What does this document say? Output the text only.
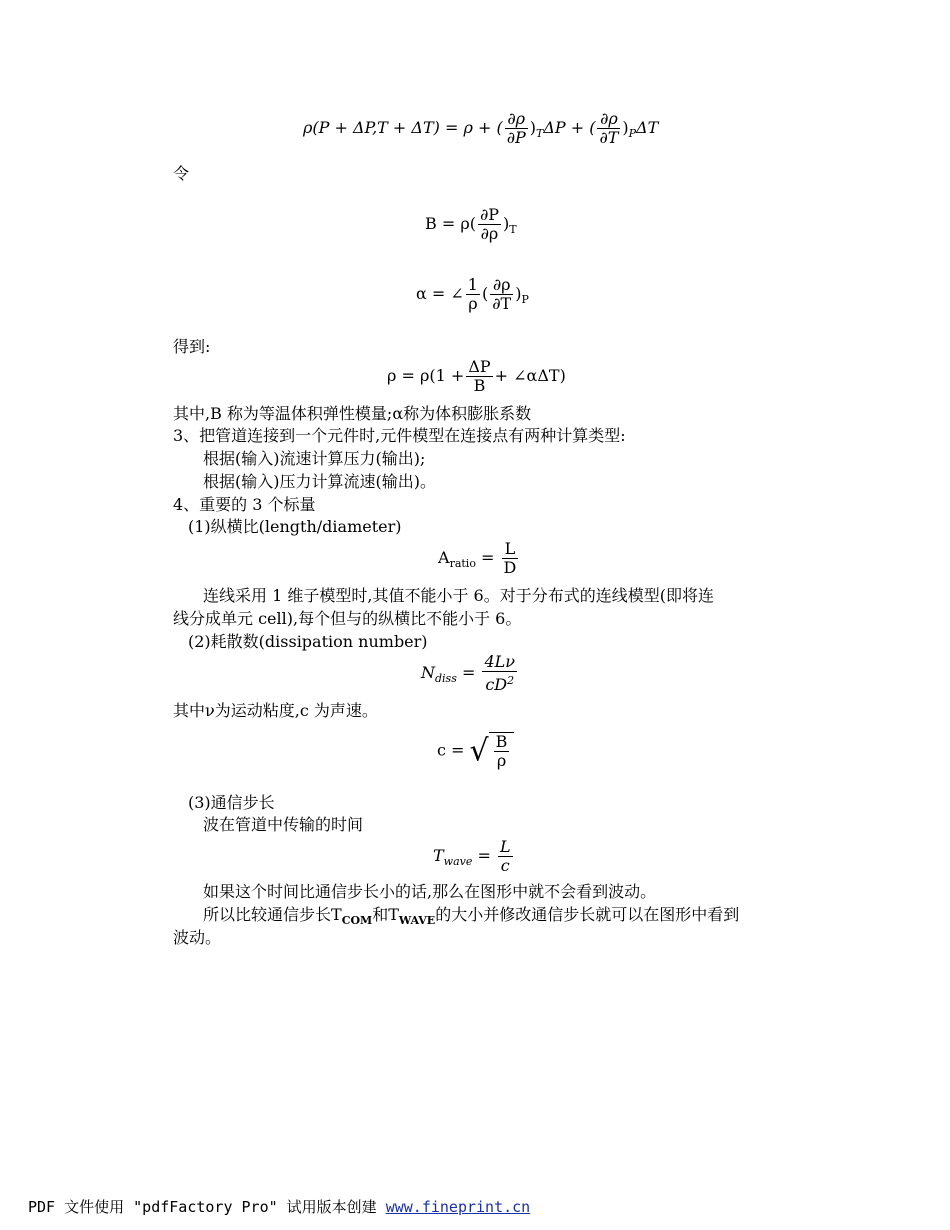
ρ(P + ΔP,T + ΔT) = ρ + ( $\frac{\partial\rho}{\partial P} )_T\Delta P$ + ( $\frac{\partial\rho}{\partial T} )_P\Delta T$
令
$B = \rho( \frac{\partial P}{\partial\rho} )_T$
α = ∠ $\frac{1}{\rho}$ ( $\frac{\partial\rho}{\partial T} )_P$
得到:
$\rho = \rho(1 + \frac{\Delta P}{B}$ + ∠αΔT)
其中,B 称为等温体积弹性模量;α称为体积膨胀系数
3、把管道连接到一个元件时,元件模型在连接点有两种计算类型:
根据(输入)流速计算压力(输出);
根据(输入)压力计算流速(输出)。
4、重要的 3 个标量
(1)纵横比(length/diameter)
$A_{ratio} = \frac{L}{D}$
连线采用 1 维子模型时,其值不能小于 6。对于分布式的连线模型(即将连
线分成单元 cell),每个但与的纵横比不能小于 6。
(2)耗散数(dissipation number)
$N_{diss} = \frac{4L\nu}{cD^2}$
其中ν为运动粘度,c 为声速。
c = √ $\frac{B}{\rho}$
(3)通信步长
波在管道中传输的时间
$T_{wave} = \frac{L}{c}$
如果这个时间比通信步长小的话,那么在图形中就不会看到波动。
所以比较通信步长$T_{COM}$和$T_{WAVE}$的大小并修改通信步长就可以在图形中看到
波动。
PDF 文件使用 "pdfFactory Pro" 试用版本创建 www.fineprint.cn
